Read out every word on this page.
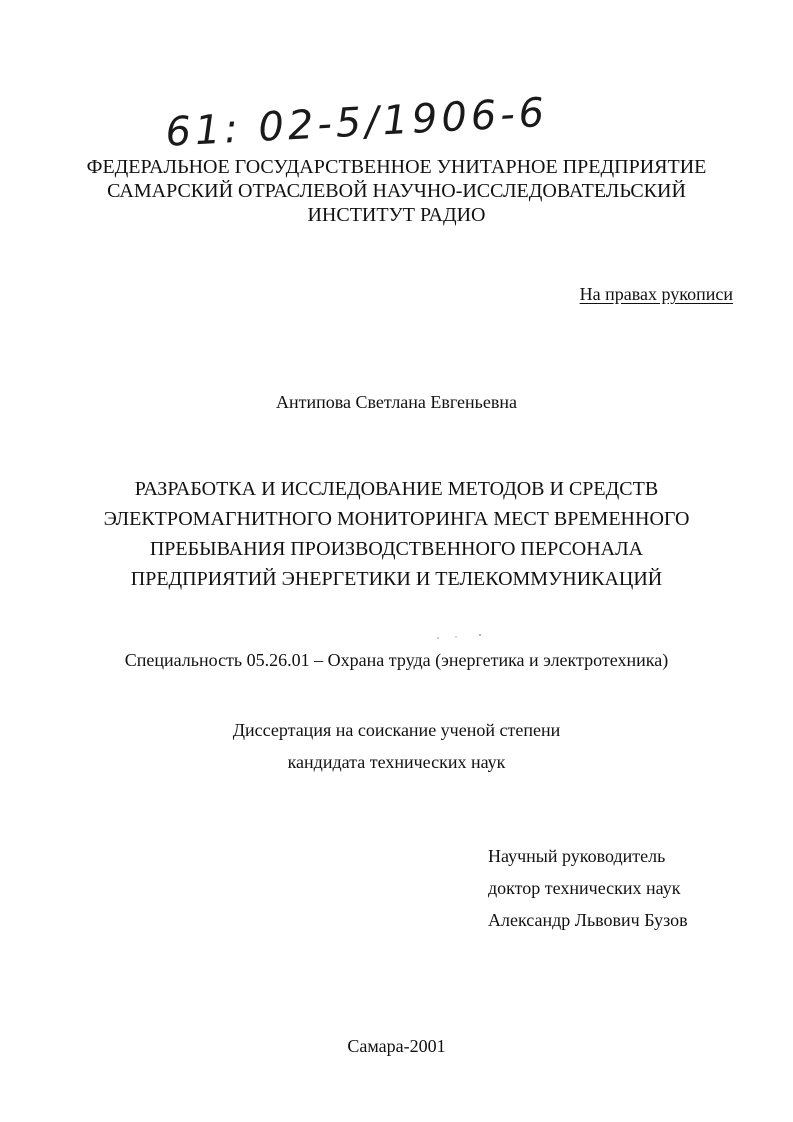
61: 02-5/1906-6
ФЕДЕРАЛЬНОЕ ГОСУДАРСТВЕННОЕ УНИТАРНОЕ ПРЕДПРИЯТИЕ
САМАРСКИЙ ОТРАСЛЕВОЙ НАУЧНО-ИССЛЕДОВАТЕЛЬСКИЙ
ИНСТИТУТ РАДИО
На правах рукописи
Антипова Светлана Евгеньевна
РАЗРАБОТКА И ИССЛЕДОВАНИЕ МЕТОДОВ И СРЕДСТВ
ЭЛЕКТРОМАГНИТНОГО МОНИТОРИНГА МЕСТ ВРЕМЕННОГО
ПРЕБЫВАНИЯ ПРОИЗВОДСТВЕННОГО ПЕРСОНАЛА
ПРЕДПРИЯТИЙ ЭНЕРГЕТИКИ И ТЕЛЕКОММУНИКАЦИЙ
Специальность 05.26.01 – Охрана труда (энергетика и электротехника)
Диссертация на соискание ученой степени
кандидата технических наук
Научный руководитель
доктор технических наук
Александр Львович Бузов
Самара-2001
